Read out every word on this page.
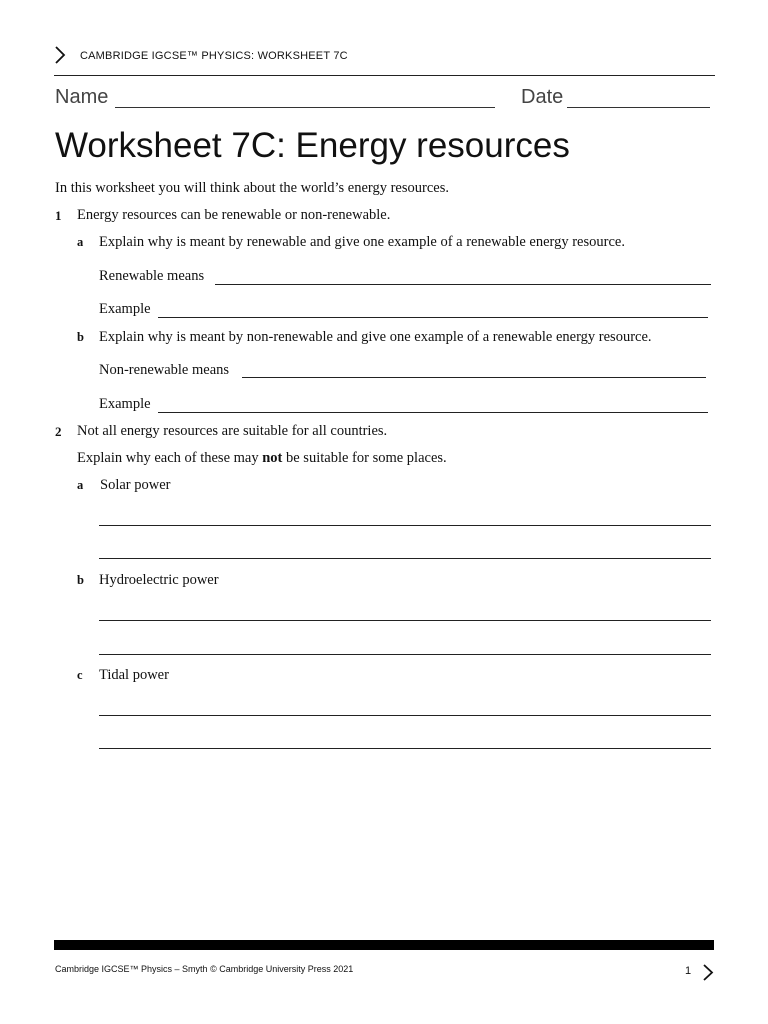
CAMBRIDGE IGCSE™ PHYSICS: WORKSHEET 7C
Name	Date
Worksheet 7C: Energy resources
In this worksheet you will think about the world’s energy resources.
1 Energy resources can be renewable or non-renewable.
a Explain why is meant by renewable and give one example of a renewable energy resource.
Renewable means
Example
b Explain why is meant by non-renewable and give one example of a renewable energy resource.
Non-renewable means
Example
2 Not all energy resources are suitable for all countries.
Explain why each of these may not be suitable for some places.
a Solar power
b Hydroelectric power
c Tidal power
Cambridge IGCSE™ Physics – Smyth © Cambridge University Press 2021	1
